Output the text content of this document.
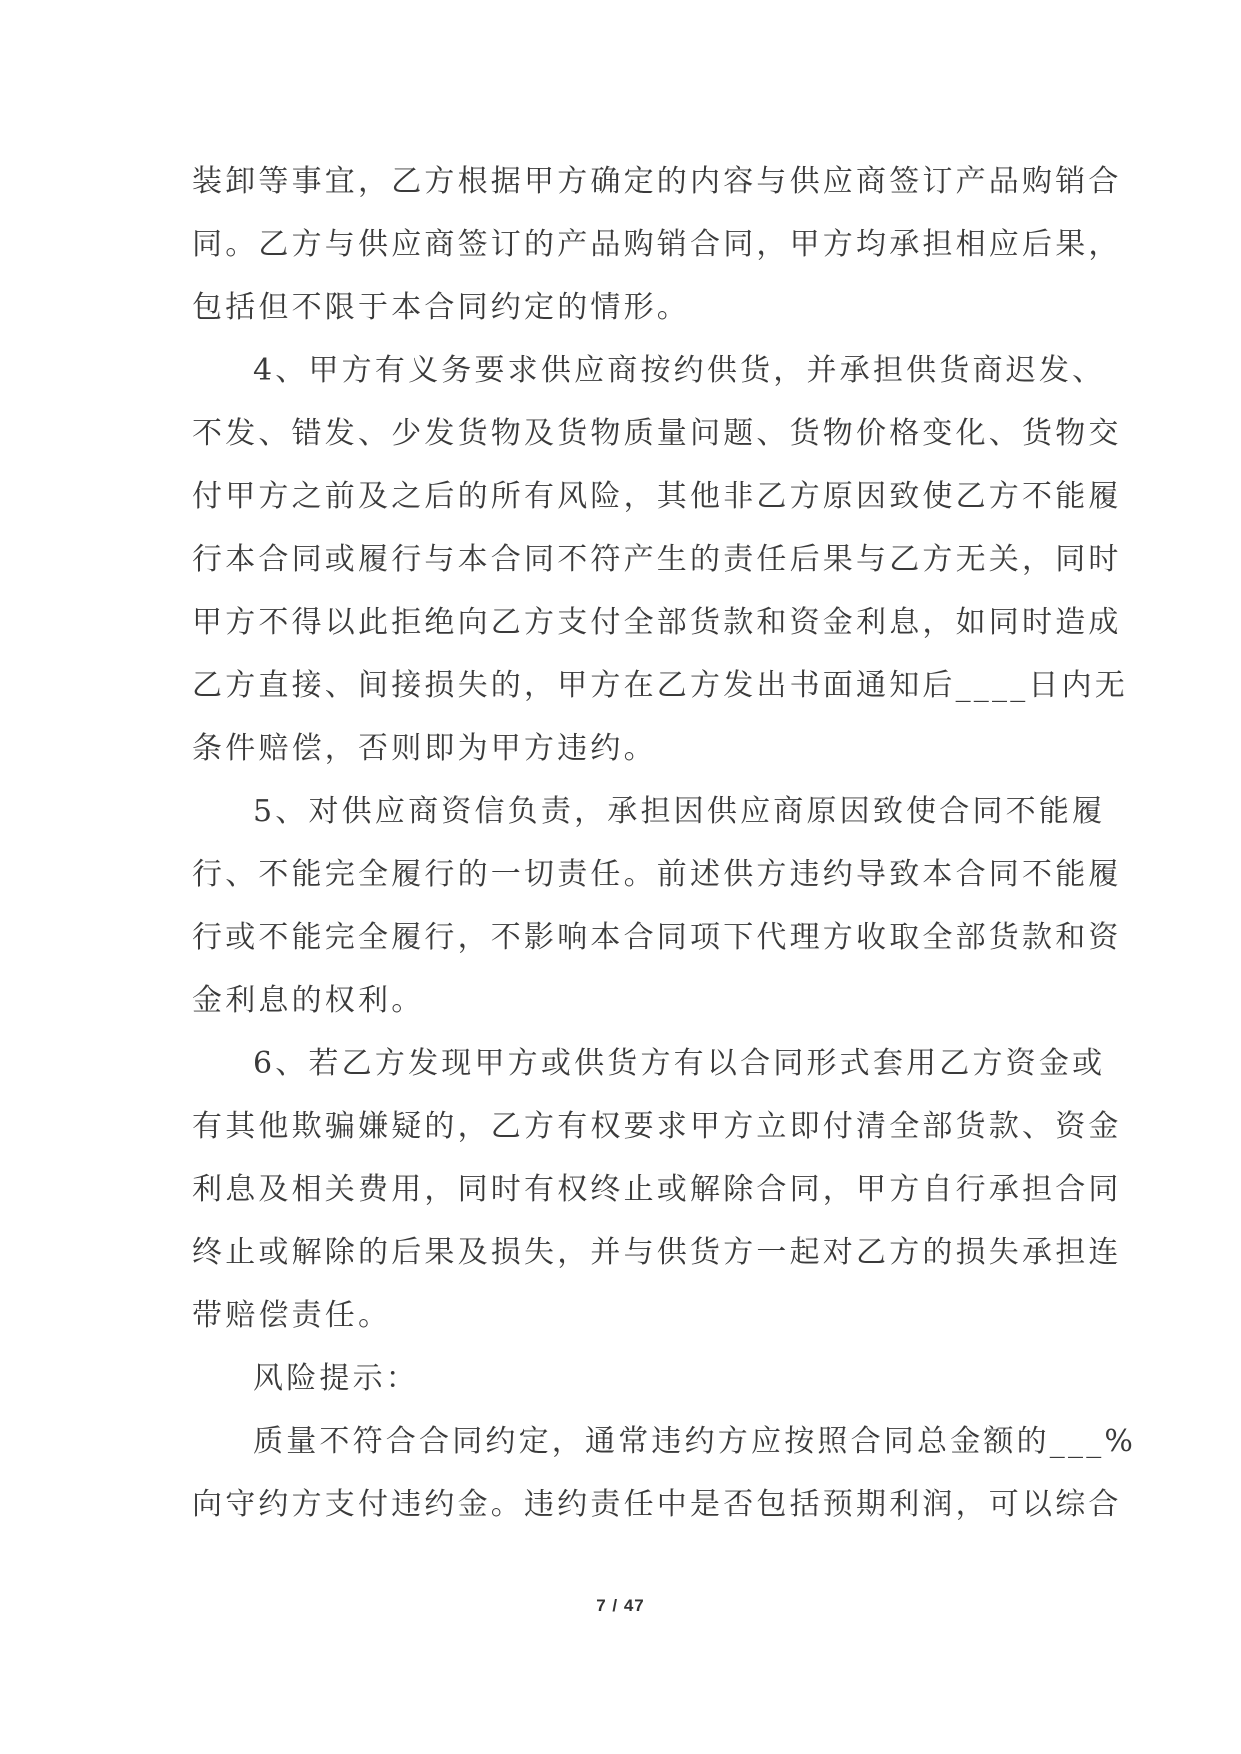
装卸等事宜，乙方根据甲方确定的内容与供应商签订产品购销合
同。乙方与供应商签订的产品购销合同，甲方均承担相应后果，
包括但不限于本合同约定的情形。
4、甲方有义务要求供应商按约供货，并承担供货商迟发、
不发、错发、少发货物及货物质量问题、货物价格变化、货物交
付甲方之前及之后的所有风险，其他非乙方原因致使乙方不能履
行本合同或履行与本合同不符产生的责任后果与乙方无关，同时
甲方不得以此拒绝向乙方支付全部货款和资金利息，如同时造成
乙方直接、间接损失的，甲方在乙方发出书面通知后____日内无
条件赔偿，否则即为甲方违约。
5、对供应商资信负责，承担因供应商原因致使合同不能履
行、不能完全履行的一切责任。前述供方违约导致本合同不能履
行或不能完全履行，不影响本合同项下代理方收取全部货款和资
金利息的权利。
6、若乙方发现甲方或供货方有以合同形式套用乙方资金或
有其他欺骗嫌疑的，乙方有权要求甲方立即付清全部货款、资金
利息及相关费用，同时有权终止或解除合同，甲方自行承担合同
终止或解除的后果及损失，并与供货方一起对乙方的损失承担连
带赔偿责任。
风险提示：
质量不符合合同约定，通常违约方应按照合同总金额的___%
向守约方支付违约金。违约责任中是否包括预期利润，可以综合
7 / 47
